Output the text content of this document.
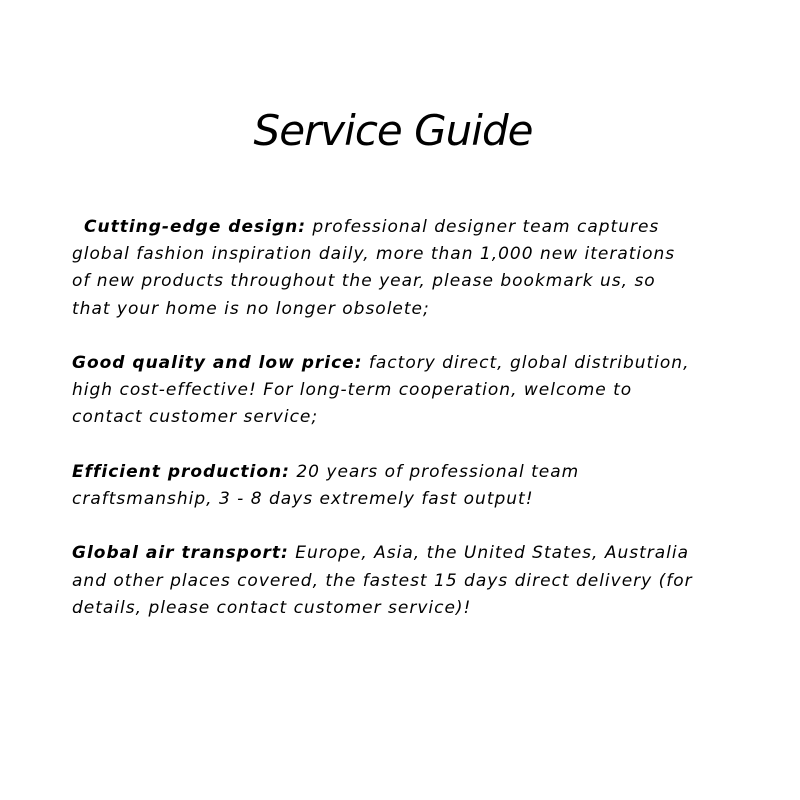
Service Guide

Cutting-edge design: professional designer team captures
global fashion inspiration daily, more than 1,000 new iterations
of new products throughout the year, please bookmark us, so
that your home is no longer obsolete;

Good quality and low price: factory direct, global distribution,
high cost-effective! For long-term cooperation, welcome to
contact customer service;

Efficient production: 20 years of professional team
craftsmanship, 3 - 8 days extremely fast output!

Global air transport: Europe, Asia, the United States, Australia
and other places covered, the fastest 15 days direct delivery (for
details, please contact customer service)!
